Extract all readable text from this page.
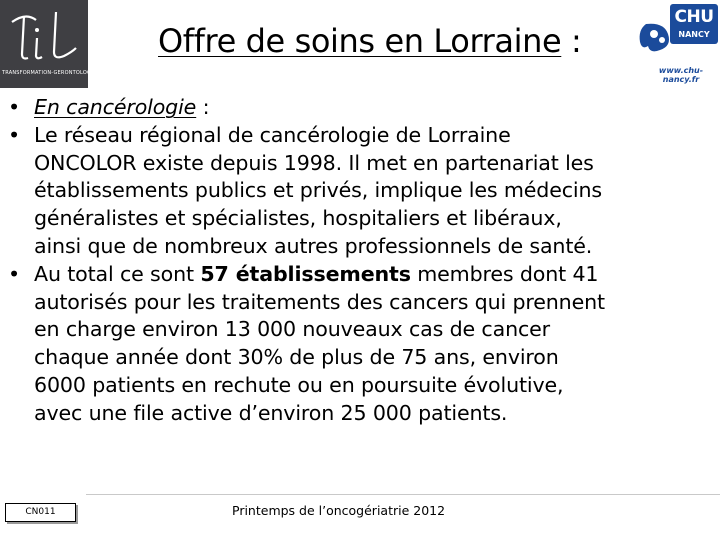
TRANSFORMATION-GERONTOLOGIE
CHU
NANCY
www.chu-nancy.fr
Offre de soins en Lorraine :
• En cancérologie :
• Le réseau régional de cancérologie de Lorraine
ONCOLOR existe depuis 1998. Il met en partenariat les
établissements publics et privés, implique les médecins
généralistes et spécialistes, hospitaliers et libéraux,
ainsi que de nombreux autres professionnels de santé.
• Au total ce sont 57 établissements membres dont 41
autorisés pour les traitements des cancers qui prennent
en charge environ 13 000 nouveaux cas de cancer
chaque année dont 30% de plus de 75 ans, environ
6000 patients en rechute ou en poursuite évolutive,
avec une file active d’environ 25 000 patients.
CN011	Printemps de l’oncogériatrie 2012
